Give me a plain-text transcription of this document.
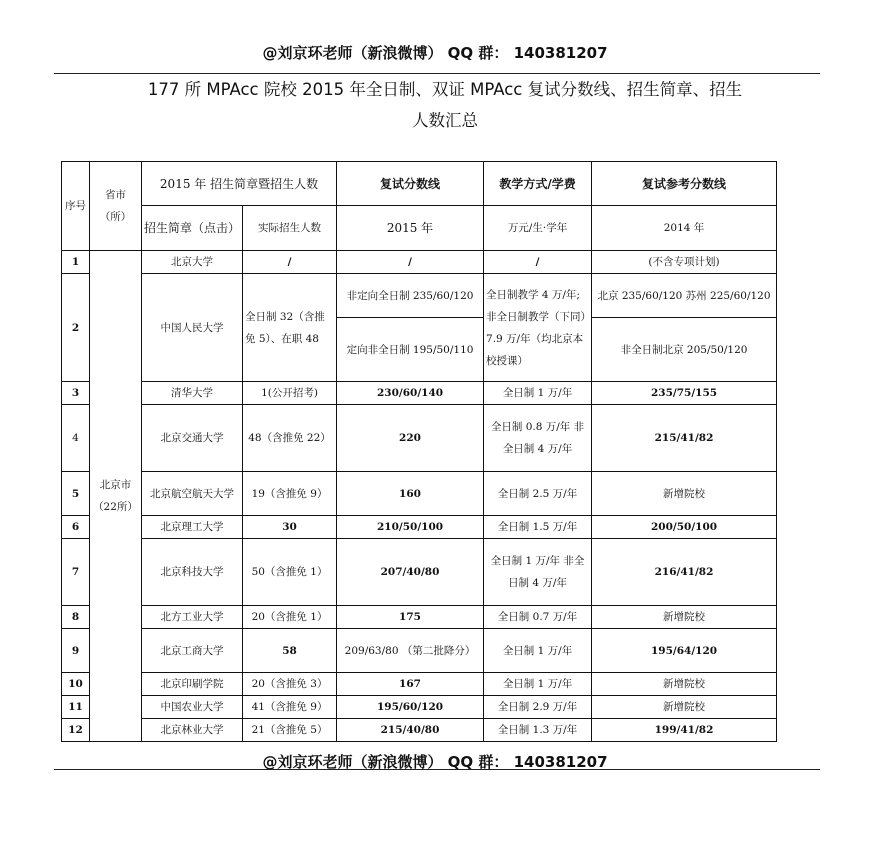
@刘京环老师（新浪微博） QQ 群： 140381207
177 所 MPAcc 院校 2015 年全日制、双证 MPAcc 复试分数线、招生简章、招生
人数汇总
序号	省市（所）	2015 年 招生简章暨招生人数		复试分数线	教学方式/学费	复试参考分数线
		招生简章（点击）	实际招生人数	2015 年	万元/生·学年	2014 年
1	北京市（22所）	北京大学	/	/	/	(不含专项计划)
2		中国人民大学	全日制 32（含推免 5）、在职 48	非定向全日制 235/60/120	全日制教学 4 万/年; 非全日制教学（下同）7.9 万/年（均北京本校授课）	北京 235/60/120 苏州 225/60/120
				定向非全日制 195/50/110		非全日制北京 205/50/120
3		清华大学	1(公开招考)	230/60/140	全日制 1 万/年	235/75/155
4		北京交通大学	48（含推免 22）	220	全日制 0.8 万/年 非全日制 4 万/年	215/41/82
5		北京航空航天大学	19（含推免 9）	160	全日制 2.5 万/年	新增院校
6		北京理工大学	30	210/50/100	全日制 1.5 万/年	200/50/100
7		北京科技大学	50（含推免 1）	207/40/80	全日制 1 万/年 非全日制 4 万/年	216/41/82
8		北方工业大学	20（含推免 1）	175	全日制 0.7 万/年	新增院校
9		北京工商大学	58	209/63/80 （第二批降分）	全日制 1 万/年	195/64/120
10		北京印刷学院	20（含推免 3）	167	全日制 1 万/年	新增院校
11		中国农业大学	41（含推免 9）	195/60/120	全日制 2.9 万/年	新增院校
12		北京林业大学	21（含推免 5）	215/40/80	全日制 1.3 万/年	199/41/82
@刘京环老师（新浪微博） QQ 群： 140381207
